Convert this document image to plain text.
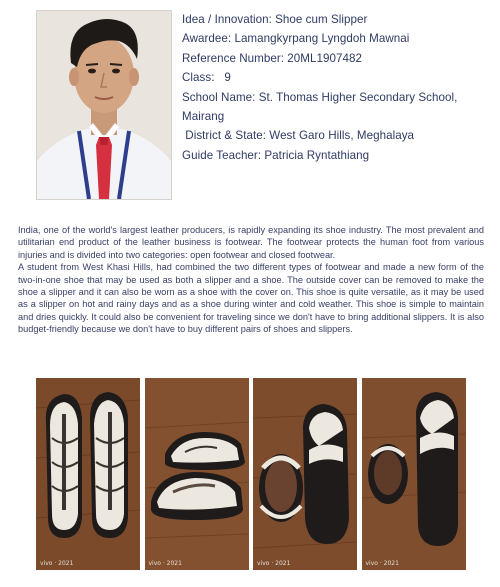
Idea / Innovation: Shoe cum Slipper
Awardee: Lamangkyrpang Lyngdoh Mawnai
Reference Number: 20ML1907482
Class:   9
School Name: St. Thomas Higher Secondary School, Mairang
District & State: West Garo Hills, Meghalaya
Guide Teacher: Patricia Ryntathiang

India, one of the world's largest leather producers, is rapidly expanding its shoe industry. The most prevalent and utilitarian end product of the leather business is footwear. The footwear protects the human foot from various injuries and is divided into two categories: open footwear and closed footwear.

A student from West Khasi Hills, had combined the two different types of footwear and made a new form of the two-in-one shoe that may be used as both a slipper and a shoe. The outside cover can be removed to make the shoe a slipper and it can also be worn as a shoe with the cover on. This shoe is quite versatile, as it may be used as a slipper on hot and rainy days and as a shoe during winter and cold weather. This shoe is simple to maintain and dries quickly. It could also be convenient for traveling since we don't have to bring additional slippers. It is also budget-friendly because we don't have to buy different pairs of shoes and slippers.

vivo · 2021	vivo · 2021	vivo · 2021	vivo · 2021
